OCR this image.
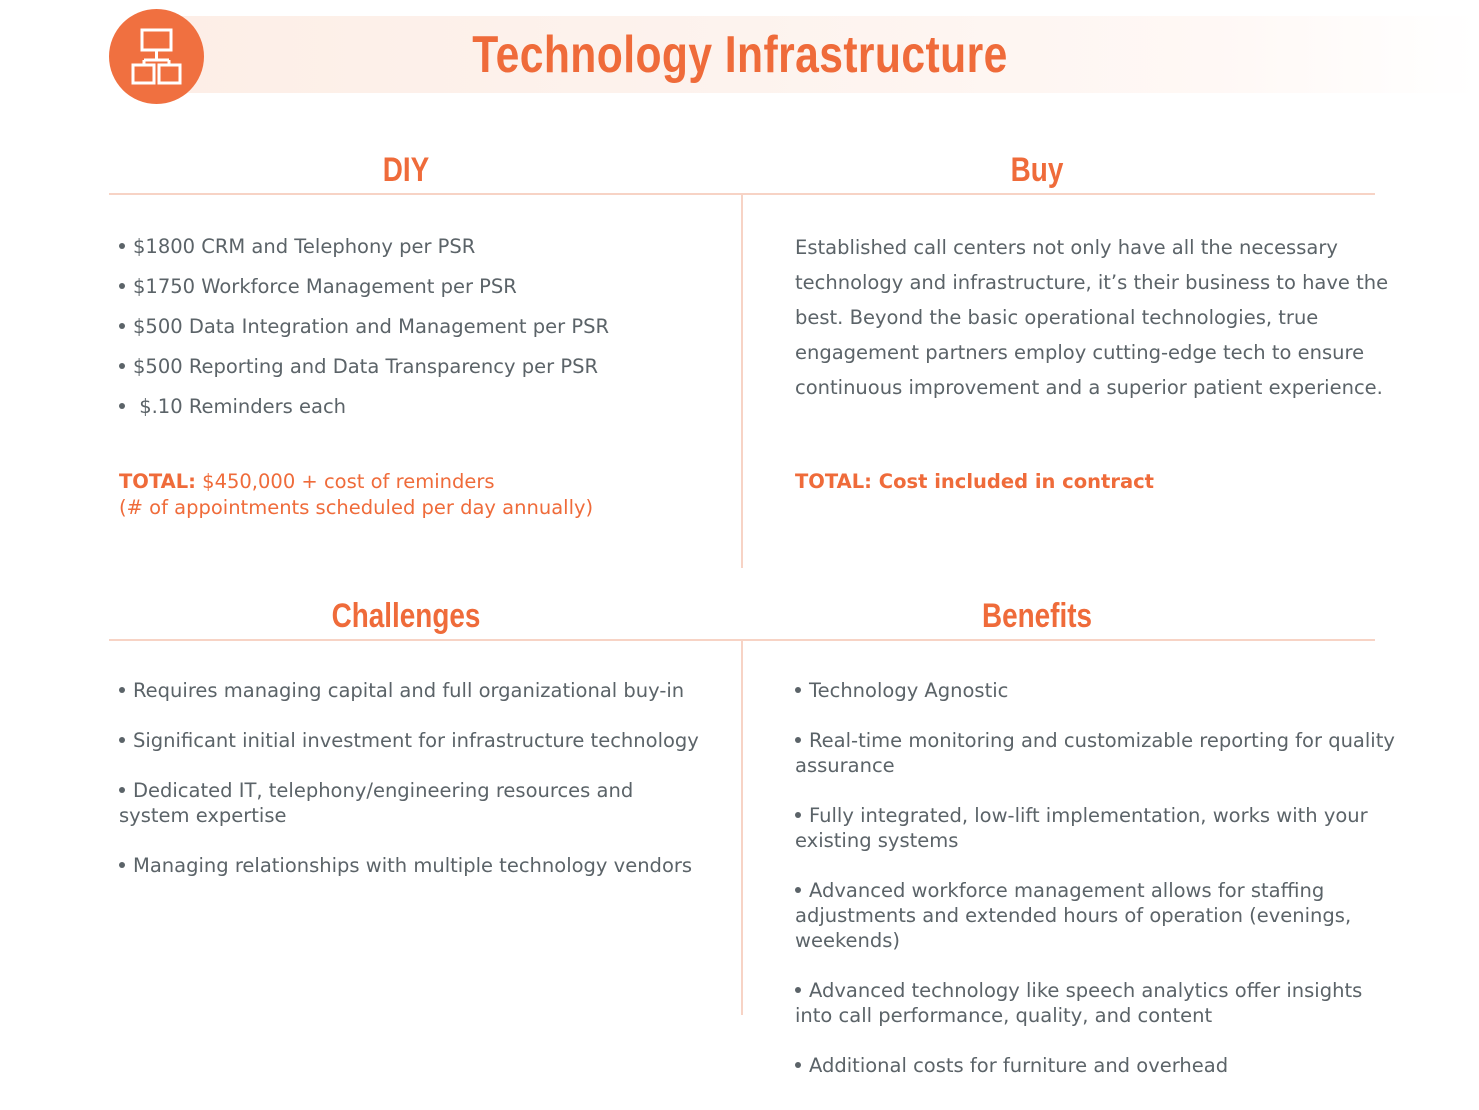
Technology Infrastructure
DIY	Buy
$1800 CRM and Telephony per PSR
$1750 Workforce Management per PSR
$500 Data Integration and Management per PSR
$500 Reporting and Data Transparency per PSR
$.10 Reminders each

TOTAL: $450,000 + cost of reminders
(# of appointments scheduled per day annually)

Established call centers not only have all the necessary technology and infrastructure, it’s their business to have the best. Beyond the basic operational technologies, true engagement partners employ cutting-edge tech to ensure continuous improvement and a superior patient experience.

TOTAL: Cost included in contract

Challenges	Benefits
Requires managing capital and full organizational buy-in
Significant initial investment for infrastructure technology
Dedicated IT, telephony/engineering resources and system expertise
Managing relationships with multiple technology vendors
Technology Agnostic
Real-time monitoring and customizable reporting for quality assurance
Fully integrated, low-lift implementation, works with your existing systems
Advanced workforce management allows for staffing adjustments and extended hours of operation (evenings, weekends)
Advanced technology like speech analytics offer insights into call performance, quality, and content
Additional costs for furniture and overhead
